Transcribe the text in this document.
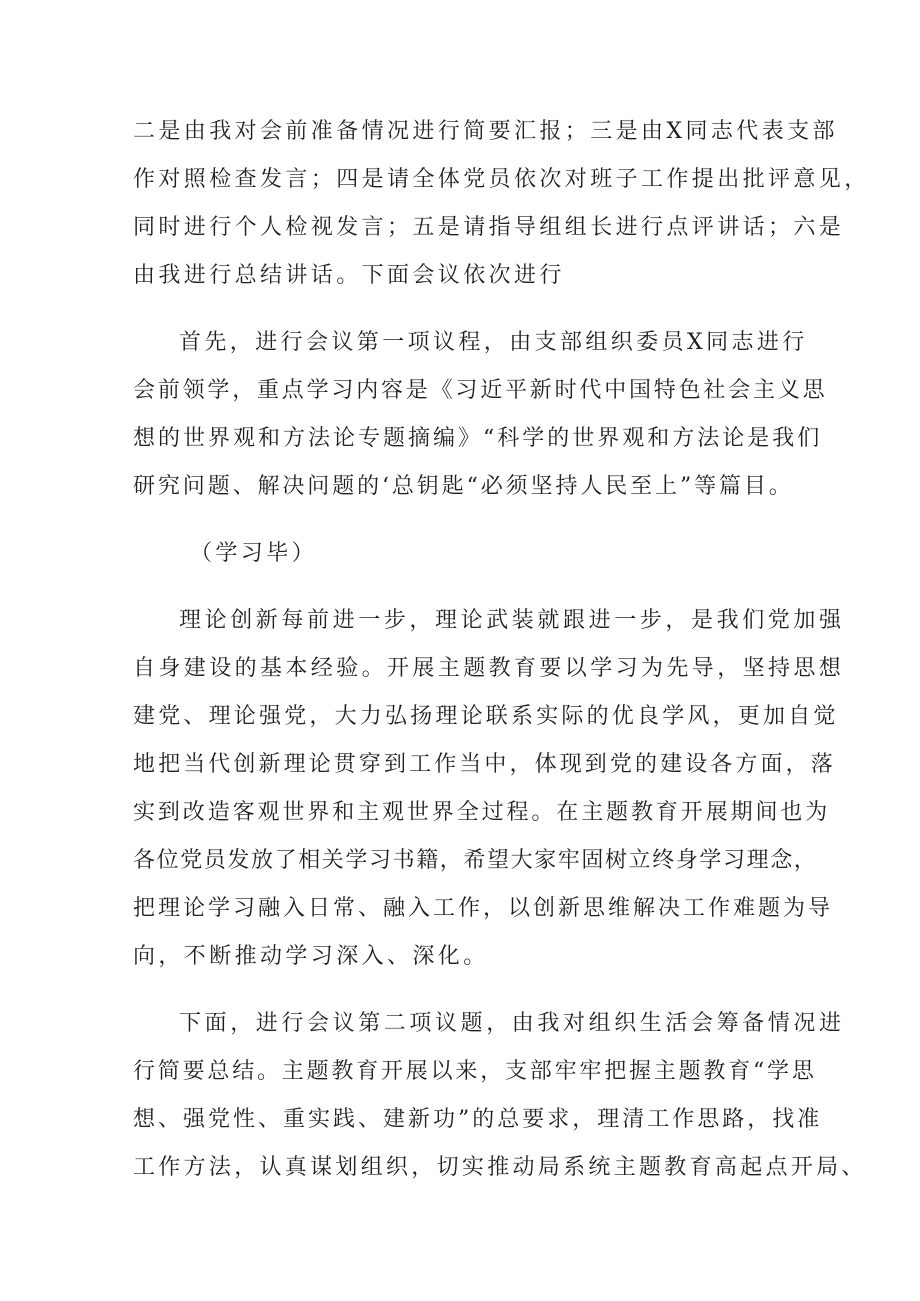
二是由我对会前准备情况进行简要汇报；三是由X同志代表支部

作对照检查发言；四是请全体党员依次对班子工作提出批评意见，

同时进行个人检视发言；五是请指导组组长进行点评讲话；六是

由我进行总结讲话。下面会议依次进行

首先，进行会议第一项议程，由支部组织委员X同志进行

会前领学，重点学习内容是《习近平新时代中国特色社会主义思

想的世界观和方法论专题摘编》“科学的世界观和方法论是我们

研究问题、解决问题的‘总钥匙“必须坚持人民至上”等篇目。

（学习毕）

理论创新每前进一步，理论武装就跟进一步，是我们党加强

自身建设的基本经验。开展主题教育要以学习为先导，坚持思想

建党、理论强党，大力弘扬理论联系实际的优良学风，更加自觉

地把当代创新理论贯穿到工作当中，体现到党的建设各方面，落

实到改造客观世界和主观世界全过程。在主题教育开展期间也为

各位党员发放了相关学习书籍，希望大家牢固树立终身学习理念，

把理论学习融入日常、融入工作，以创新思维解决工作难题为导

向，不断推动学习深入、深化。

下面，进行会议第二项议题，由我对组织生活会筹备情况进

行简要总结。主题教育开展以来，支部牢牢把握主题教育“学思

想、强党性、重实践、建新功”的总要求，理清工作思路，找准

工作方法，认真谋划组织，切实推动局系统主题教育高起点开局、
